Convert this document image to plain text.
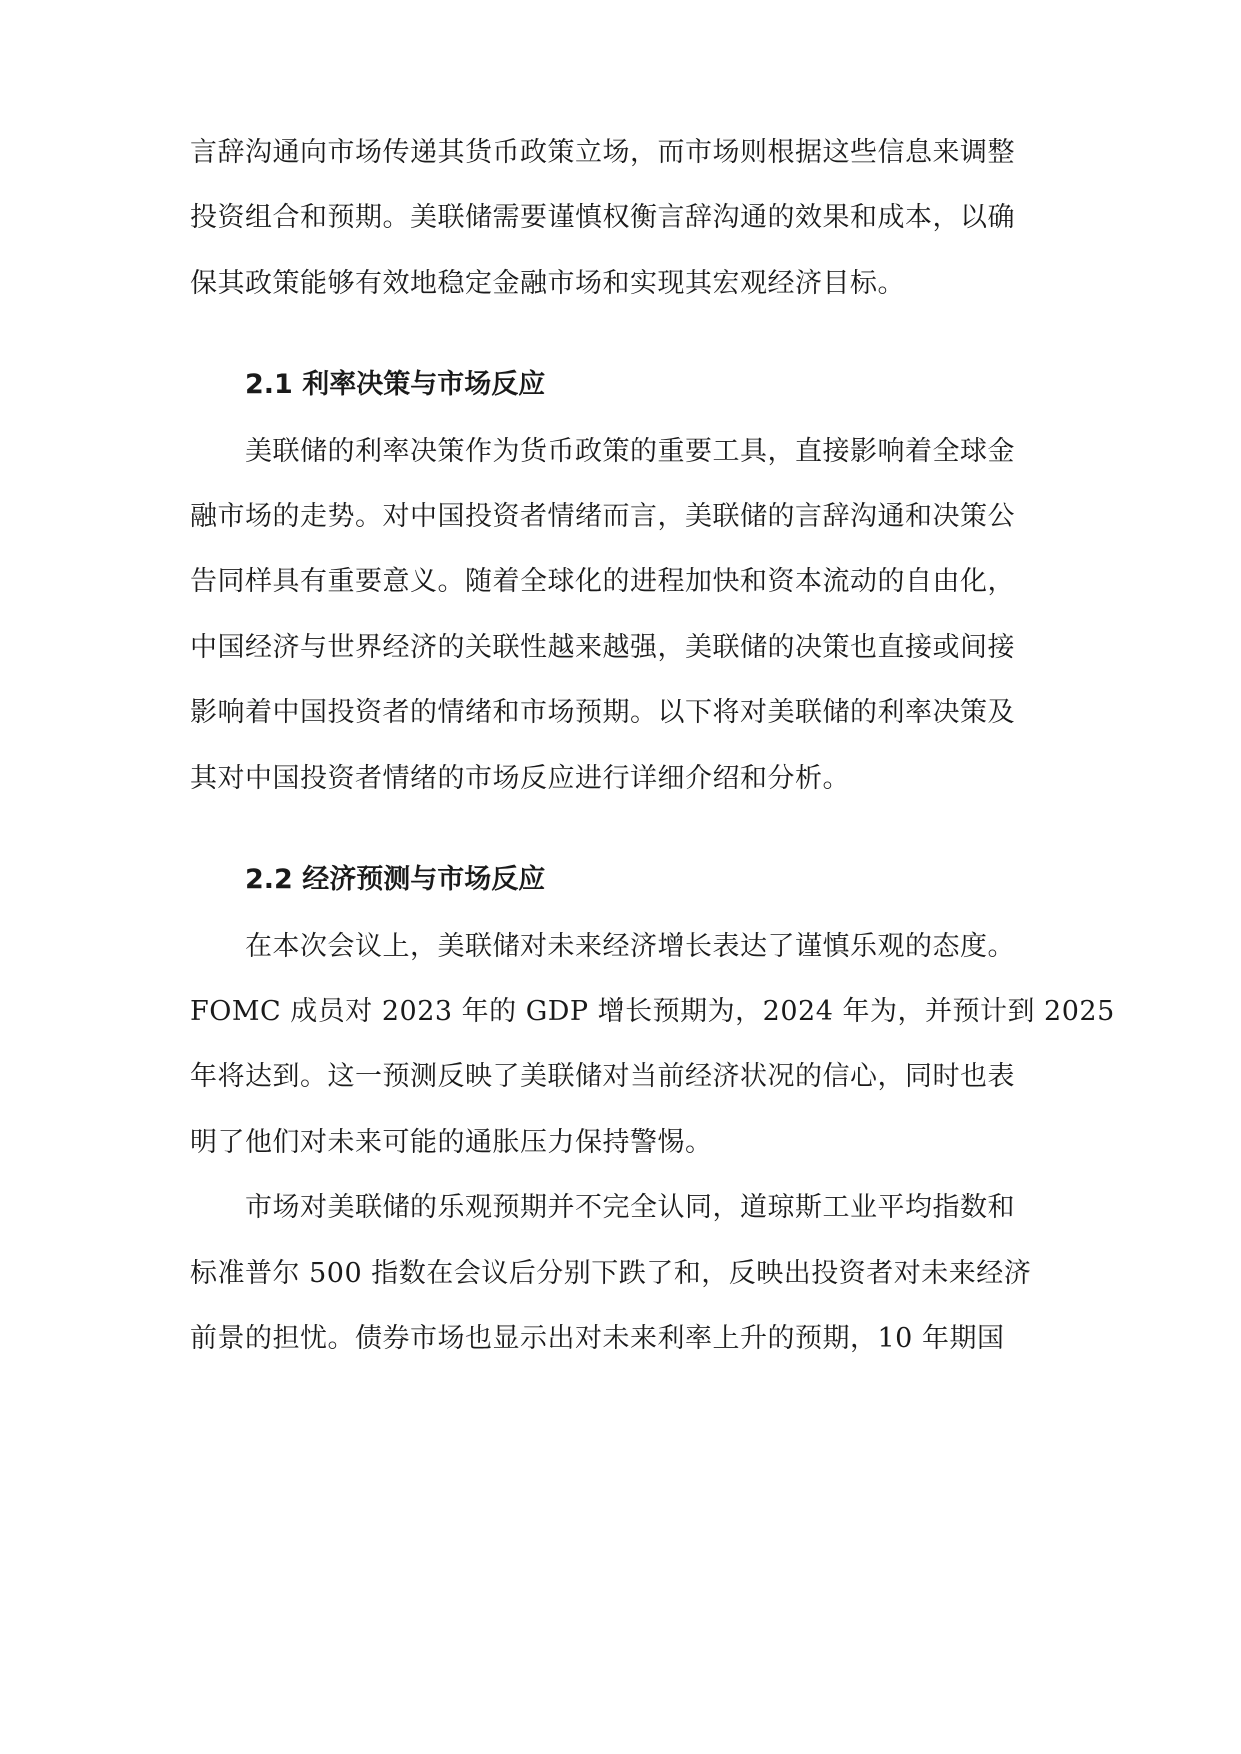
言辞沟通向市场传递其货币政策立场，而市场则根据这些信息来调整
投资组合和预期。美联储需要谨慎权衡言辞沟通的效果和成本，以确
保其政策能够有效地稳定金融市场和实现其宏观经济目标。
2.1 利率决策与市场反应
美联储的利率决策作为货币政策的重要工具，直接影响着全球金
融市场的走势。对中国投资者情绪而言，美联储的言辞沟通和决策公
告同样具有重要意义。随着全球化的进程加快和资本流动的自由化，
中国经济与世界经济的关联性越来越强，美联储的决策也直接或间接
影响着中国投资者的情绪和市场预期。以下将对美联储的利率决策及
其对中国投资者情绪的市场反应进行详细介绍和分析。
2.2 经济预测与市场反应
在本次会议上，美联储对未来经济增长表达了谨慎乐观的态度。
FOMC 成员对 2023 年的 GDP 增长预期为，2024 年为，并预计到 2025
年将达到。这一预测反映了美联储对当前经济状况的信心，同时也表
明了他们对未来可能的通胀压力保持警惕。
市场对美联储的乐观预期并不完全认同，道琼斯工业平均指数和
标准普尔 500 指数在会议后分别下跌了和，反映出投资者对未来经济
前景的担忧。债券市场也显示出对未来利率上升的预期，10 年期国
